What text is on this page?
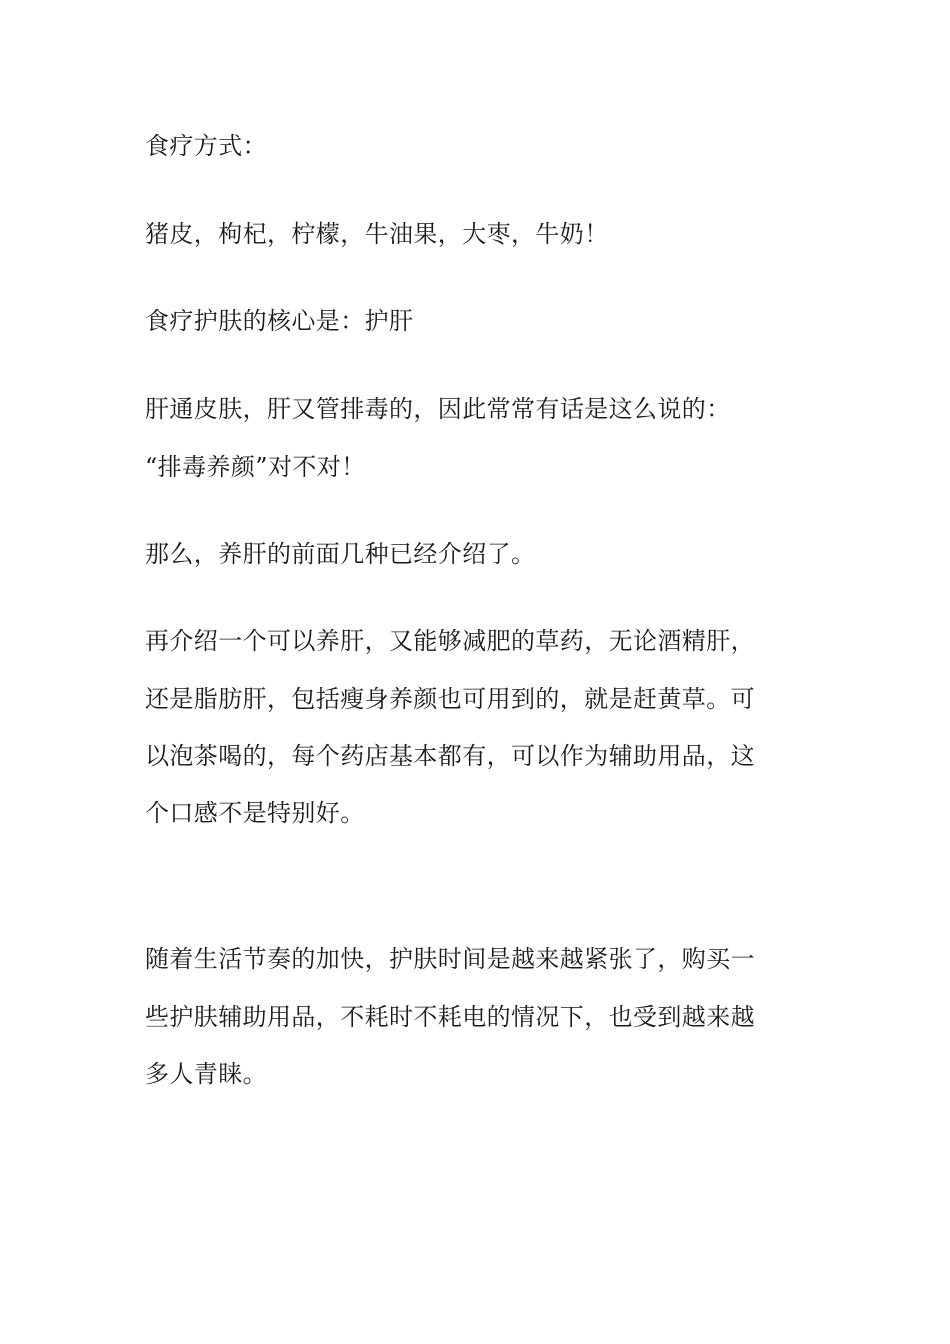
食疗方式：

猪皮，枸杞，柠檬，牛油果，大枣，牛奶！

食疗护肤的核心是：护肝

肝通皮肤，肝又管排毒的，因此常常有话是这么说的：

“排毒养颜”对不对！

那么，养肝的前面几种已经介绍了。

再介绍一个可以养肝，又能够减肥的草药，无论酒精肝，

还是脂肪肝，包括瘦身养颜也可用到的，就是赶黄草。可

以泡茶喝的，每个药店基本都有，可以作为辅助用品，这

个口感不是特别好。

随着生活节奏的加快，护肤时间是越来越紧张了，购买一

些护肤辅助用品，不耗时不耗电的情况下，也受到越来越

多人青睐。
